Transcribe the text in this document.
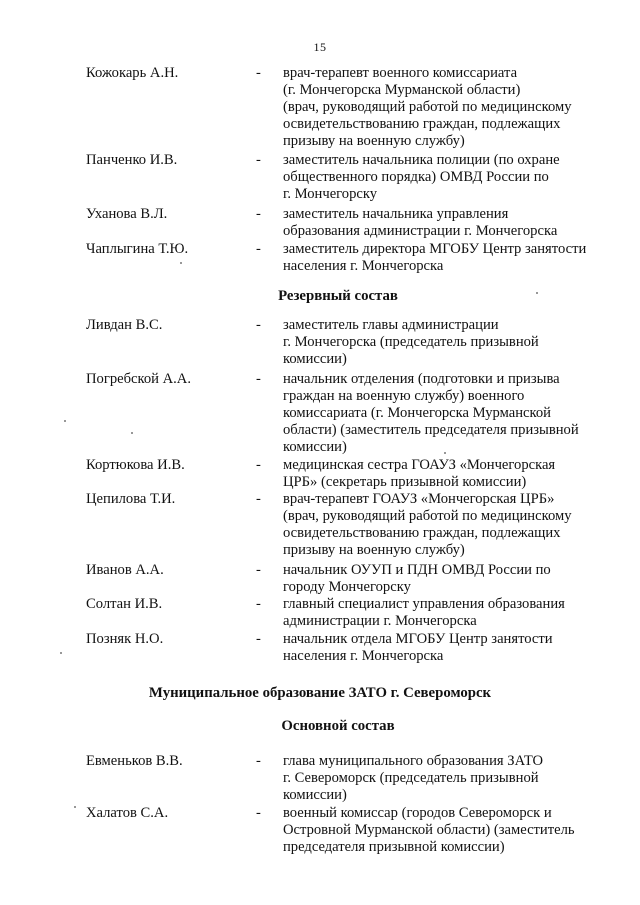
15
Кожокарь А.Н.	- врач-терапевт военного комиссариата
(г. Мончегорска Мурманской области)
(врач, руководящий работой по медицинскому
освидетельствованию граждан, подлежащих
призыву на военную службу)
Панченко И.В.	- заместитель начальника полиции (по охране
общественного порядка) ОМВД России по
г. Мончегорску
Уханова В.Л.	- заместитель начальника управления
образования администрации г. Мончегорска
Чаплыгина Т.Ю.	- заместитель директора МГОБУ Центр занятости
населения г. Мончегорска
Резервный состав
Ливдан В.С.	- заместитель главы администрации
г. Мончегорска (председатель призывной
комиссии)
Погребской А.А.	- начальник отделения (подготовки и призыва
граждан на военную службу) военного
комиссариата (г. Мончегорска Мурманской
области) (заместитель председателя призывной
комиссии)
Кортюкова И.В.	- медицинская сестра ГОАУЗ «Мончегорская
ЦРБ» (секретарь призывной комиссии)
Цепилова Т.И.	- врач-терапевт ГОАУЗ «Мончегорская ЦРБ»
(врач, руководящий работой по медицинскому
освидетельствованию граждан, подлежащих
призыву на военную службу)
Иванов А.А.	- начальник ОУУП и ПДН ОМВД России по
городу Мончегорску
Солтан И.В.	- главный специалист управления образования
администрации г. Мончегорска
Позняк Н.О.	- начальник отдела МГОБУ Центр занятости
населения г. Мончегорска
Муниципальное образование ЗАТО г. Североморск
Основной состав
Евменьков В.В.	- глава муниципального образования ЗАТО
г. Североморск (председатель призывной
комиссии)
Халатов С.А.	- военный комиссар (городов Североморск и
Островной Мурманской области) (заместитель
председателя призывной комиссии)
